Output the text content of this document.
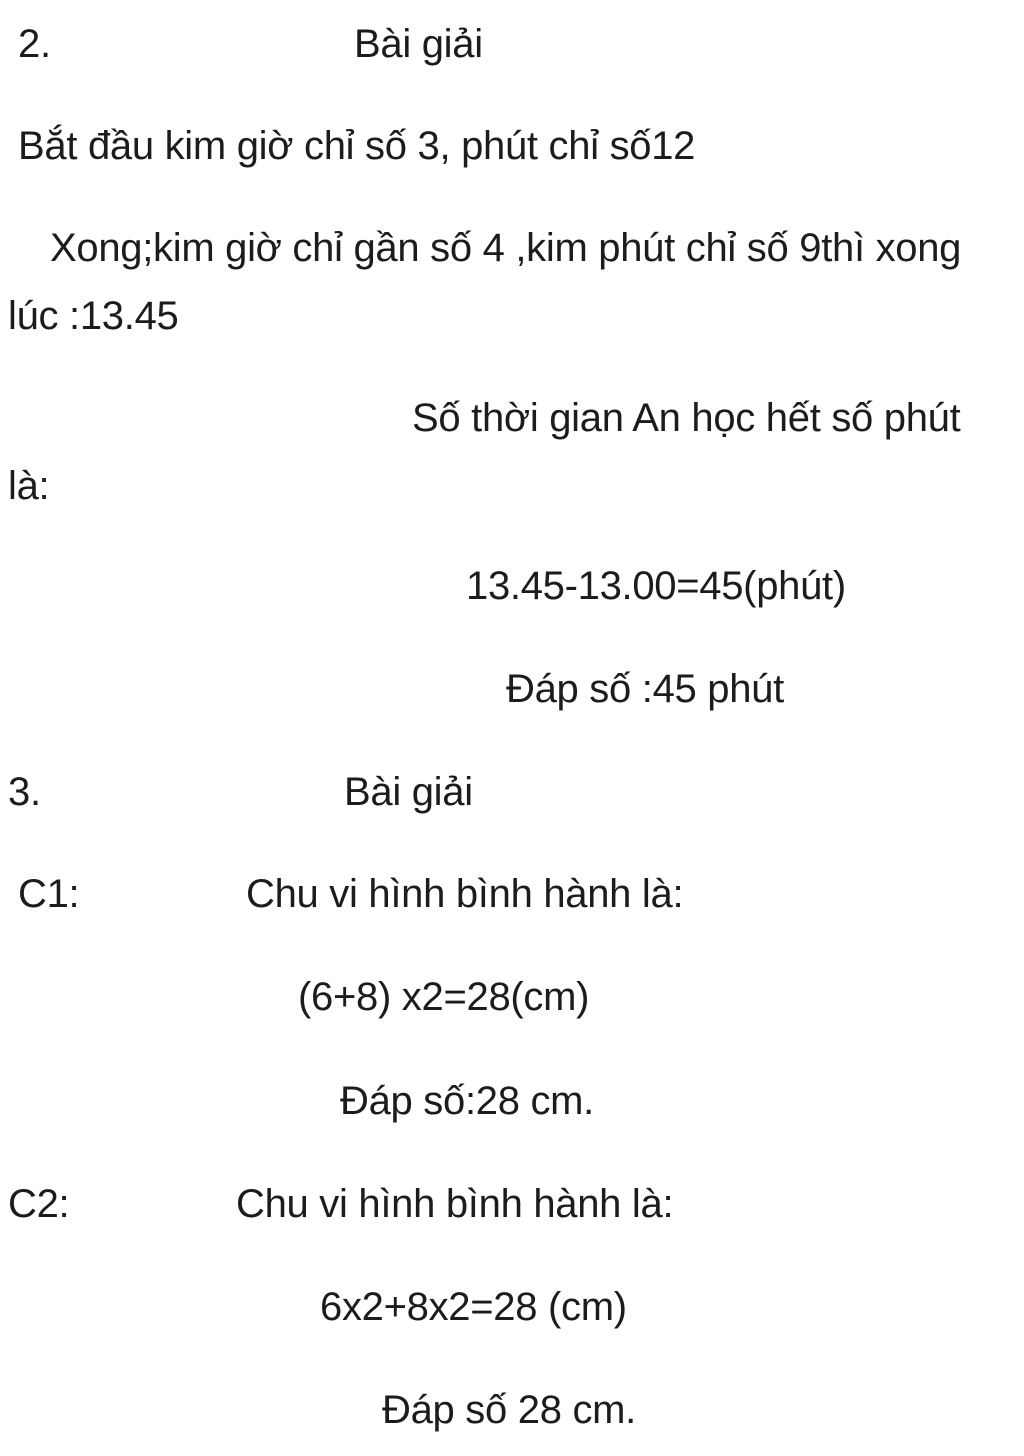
2.	Bài giải
Bắt đầu kim giờ chỉ số 3, phút chỉ số12
Xong;kim giờ chỉ gần số 4 ,kim phút chỉ số 9thì xong
lúc :13.45
Số thời gian An học hết số phút
là:
13.45-13.00=45(phút)
Đáp số :45 phút
3.	Bài giải
C1:	Chu vi hình bình hành là:
(6+8) x2=28(cm)
Đáp số:28 cm.
C2:	Chu vi hình bình hành là:
6x2+8x2=28 (cm)
Đáp số 28 cm.
